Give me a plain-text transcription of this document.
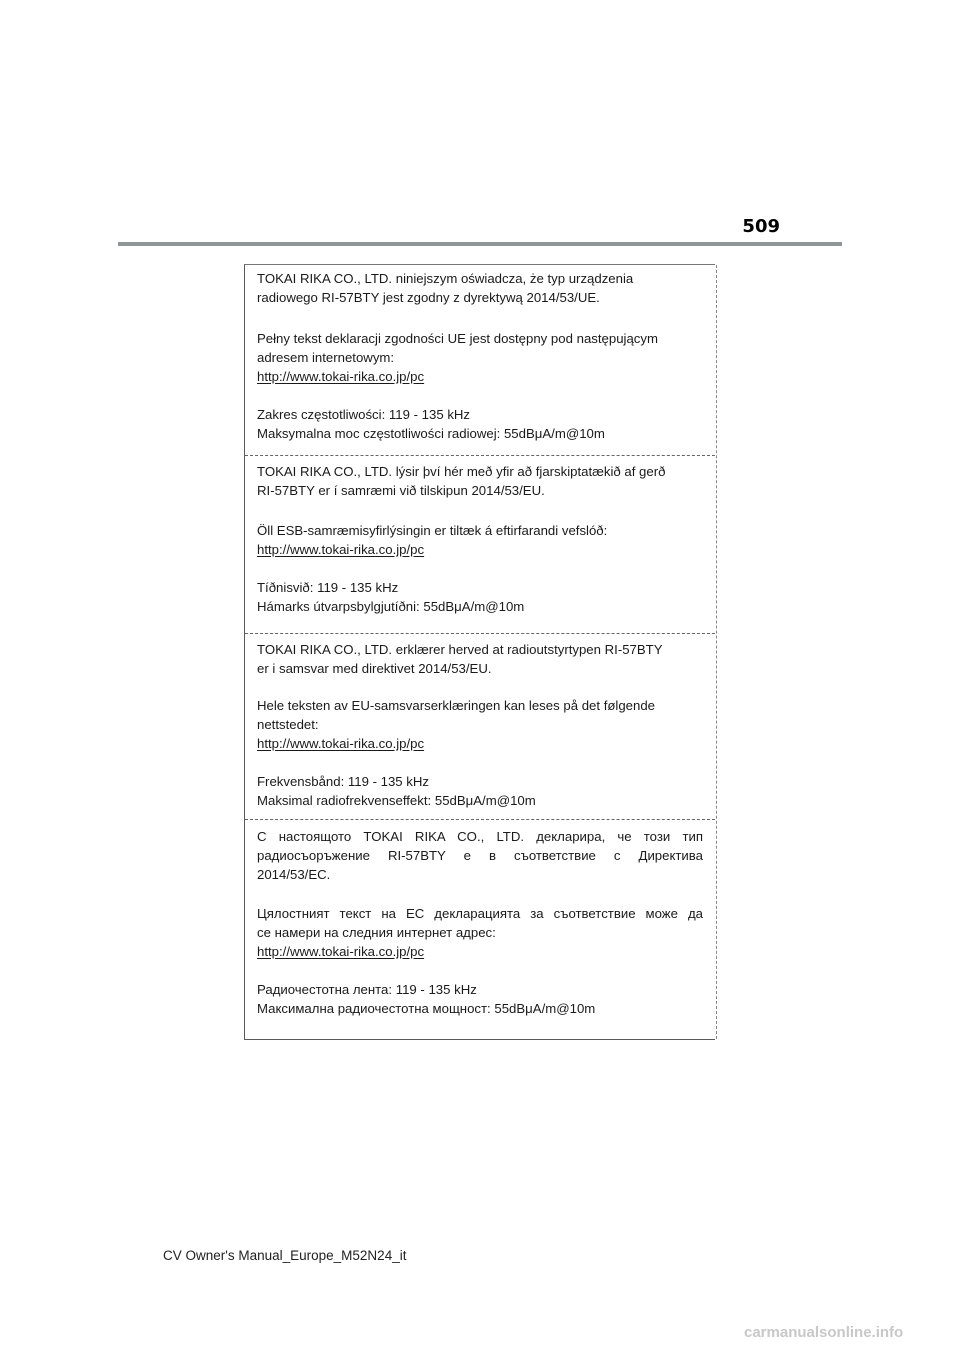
509
TOKAI RIKA CO., LTD. niniejszym oświadcza, że typ urządzenia
radiowego RI-57BTY jest zgodny z dyrektywą 2014/53/UE.
Pełny tekst deklaracji zgodności UE jest dostępny pod następującym
adresem internetowym:
http://www.tokai-rika.co.jp/pc
Zakres częstotliwości: 119 - 135 kHz
Maksymalna moc częstotliwości radiowej: 55dBμA/m@10m
TOKAI RIKA CO., LTD. lýsir því hér með yfir að fjarskiptatækið af gerð
RI-57BTY er í samræmi við tilskipun 2014/53/EU.
Öll ESB-samræmisyfirlýsingin er tiltæk á eftirfarandi vefslóð:
http://www.tokai-rika.co.jp/pc
Tíðnisvið: 119 - 135 kHz
Hámarks útvarpsbylgjutíðni: 55dBμA/m@10m
TOKAI RIKA CO., LTD. erklærer herved at radioutstyrtypen RI-57BTY
er i samsvar med direktivet 2014/53/EU.
Hele teksten av EU-samsvarserklæringen kan leses på det følgende
nettstedet:
http://www.tokai-rika.co.jp/pc
Frekvensbånd: 119 - 135 kHz
Maksimal radiofrekvenseffekt: 55dBμA/m@10m
С настоящото TOKAI RIKA CO., LTD. декларира, че този тип
радиосъоръжение RI-57BTY е в съответствие с Директива
2014/53/ЕС.
Цялостният текст на ЕС декларацията за съответствие може да
се намери на следния интернет адрес:
http://www.tokai-rika.co.jp/pc
Радиочестотна лента: 119 - 135 kHz
Максимална радиочестотна мощност: 55dBμA/m@10m
CV Owner's Manual_Europe_M52N24_it
carmanualsonline.info
